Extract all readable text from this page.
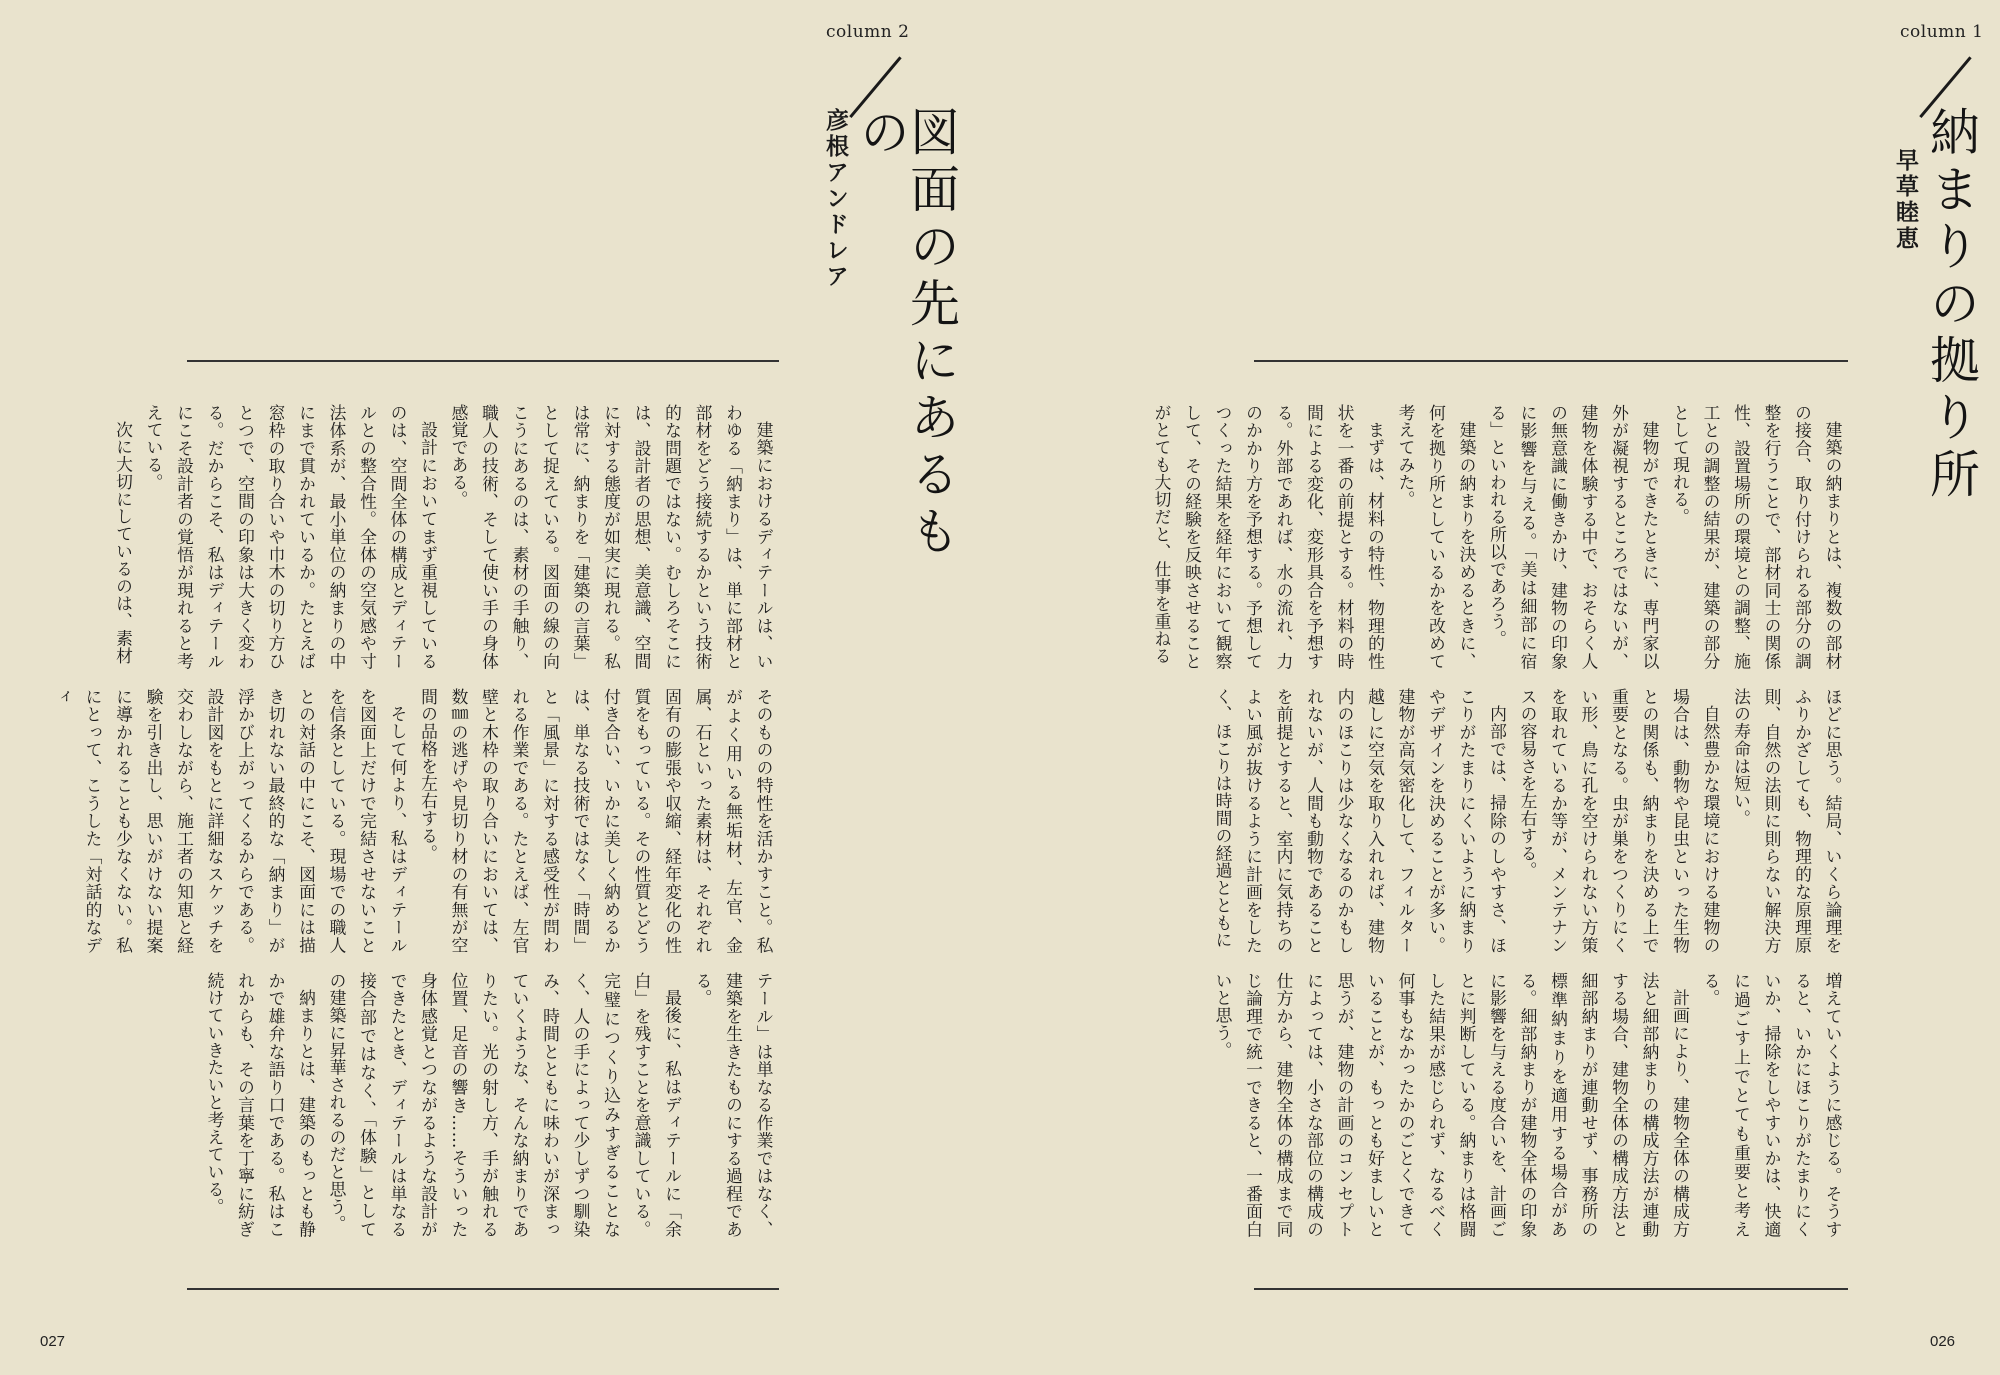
column 2
図面の先にあるもの
彦根アンドレア

建築におけるディテールは、いわゆる「納まり」は、単に部材と部材をどう接続するかという技術的な問題ではない。むしろそこには、設計者の思想、美意識、空間に対する態度が如実に現れる。私は常に、納まりを「建築の言葉」として捉えている。図面の線の向こうにあるのは、素材の手触り、職人の技術、そして使い手の身体感覚である。

設計においてまず重視しているのは、空間全体の構成とディテールとの整合性。全体の空気感や寸法体系が、最小単位の納まりの中にまで貫かれているか。たとえば窓枠の取り合いや巾木の切り方ひとつで、空間の印象は大きく変わる。だからこそ、私はディテールにこそ設計者の覚悟が現れると考えている。

次に大切にしているのは、素材

そのものの特性を活かすこと。私がよく用いる無垢材、左官、金属、石といった素材は、それぞれ固有の膨張や収縮、経年変化の性質をもっている。その性質とどう付き合い、いかに美しく納めるかは、単なる技術ではなく「時間」と「風景」に対する感受性が問われる作業である。たとえば、左官壁と木枠の取り合いにおいては、数㎜の逃げや見切り材の有無が空間の品格を左右する。

そして何より、私はディテールを図面上だけで完結させないことを信条としている。現場での職人との対話の中にこそ、図面には描き切れない最終的な「納まり」が浮かび上がってくるからである。設計図をもとに詳細なスケッチを交わしながら、施工者の知恵と経験を引き出し、思いがけない提案に導かれることも少なくない。私にとって、こうした「対話的なディ

テール」は単なる作業ではなく、建築を生きたものにする過程である。

最後に、私はディテールに「余白」を残すことを意識している。完璧につくり込みすぎることなく、人の手によって少しずつ馴染み、時間とともに味わいが深まっていくような、そんな納まりでありたい。光の射し方、手が触れる位置、足音の響き……そういった身体感覚とつながるような設計ができたとき、ディテールは単なる接合部ではなく、「体験」としての建築に昇華されるのだと思う。

納まりとは、建築のもっとも静かで雄弁な語り口である。私はこれからも、その言葉を丁寧に紡ぎ続けていきたいと考えている。

027
column 1
納まりの拠り所
早草睦恵

建築の納まりとは、複数の部材の接合、取り付けられる部分の調整を行うことで、部材同士の関係性、設置場所の環境との調整、施工との調整の結果が、建築の部分として現れる。

建物ができたときに、専門家以外が凝視するところではないが、建物を体験する中で、おそらく人の無意識に働きかけ、建物の印象に影響を与える。「美は細部に宿る」といわれる所以であろう。

建築の納まりを決めるときに、何を拠り所としているかを改めて考えてみた。

まずは、材料の特性、物理的性状を一番の前提とする。材料の時間による変化、変形具合を予想する。外部であれば、水の流れ、力のかかり方を予想する。予想してつくった結果を経年において観察して、その経験を反映させることがとても大切だと、仕事を重ねる

ほどに思う。結局、いくら論理をふりかざしても、物理的な原理原則、自然の法則に則らない解決方法の寿命は短い。

自然豊かな環境における建物の場合は、動物や昆虫といった生物との関係も、納まりを決める上で重要となる。虫が巣をつくりにくい形、鳥に孔を空けられない方策を取れているか等が、メンテナンスの容易さを左右する。

内部では、掃除のしやすさ、ほこりがたまりにくいように納まりやデザインを決めることが多い。建物が高気密化して、フィルター越しに空気を取り入れれば、建物内のほこりは少なくなるのかもしれないが、人間も動物であることを前提とすると、室内に気持ちのよい風が抜けるように計画をしたく、ほこりは時間の経過とともに

増えていくように感じる。そうすると、いかにほこりがたまりにくいか、掃除をしやすいかは、快適に過ごす上でとても重要と考える。

計画により、建物全体の構成方法と細部納まりの構成方法が連動する場合、建物全体の構成方法と細部納まりが連動せず、事務所の標準納まりを適用する場合がある。細部納まりが建物全体の印象に影響を与える度合いを、計画ごとに判断している。納まりは格闘した結果が感じられず、なるべく何事もなかったかのごとくできていることが、もっとも好ましいと思うが、建物の計画のコンセプトによっては、小さな部位の構成の仕方から、建物全体の構成まで同じ論理で統一できると、一番面白いと思う。

026
